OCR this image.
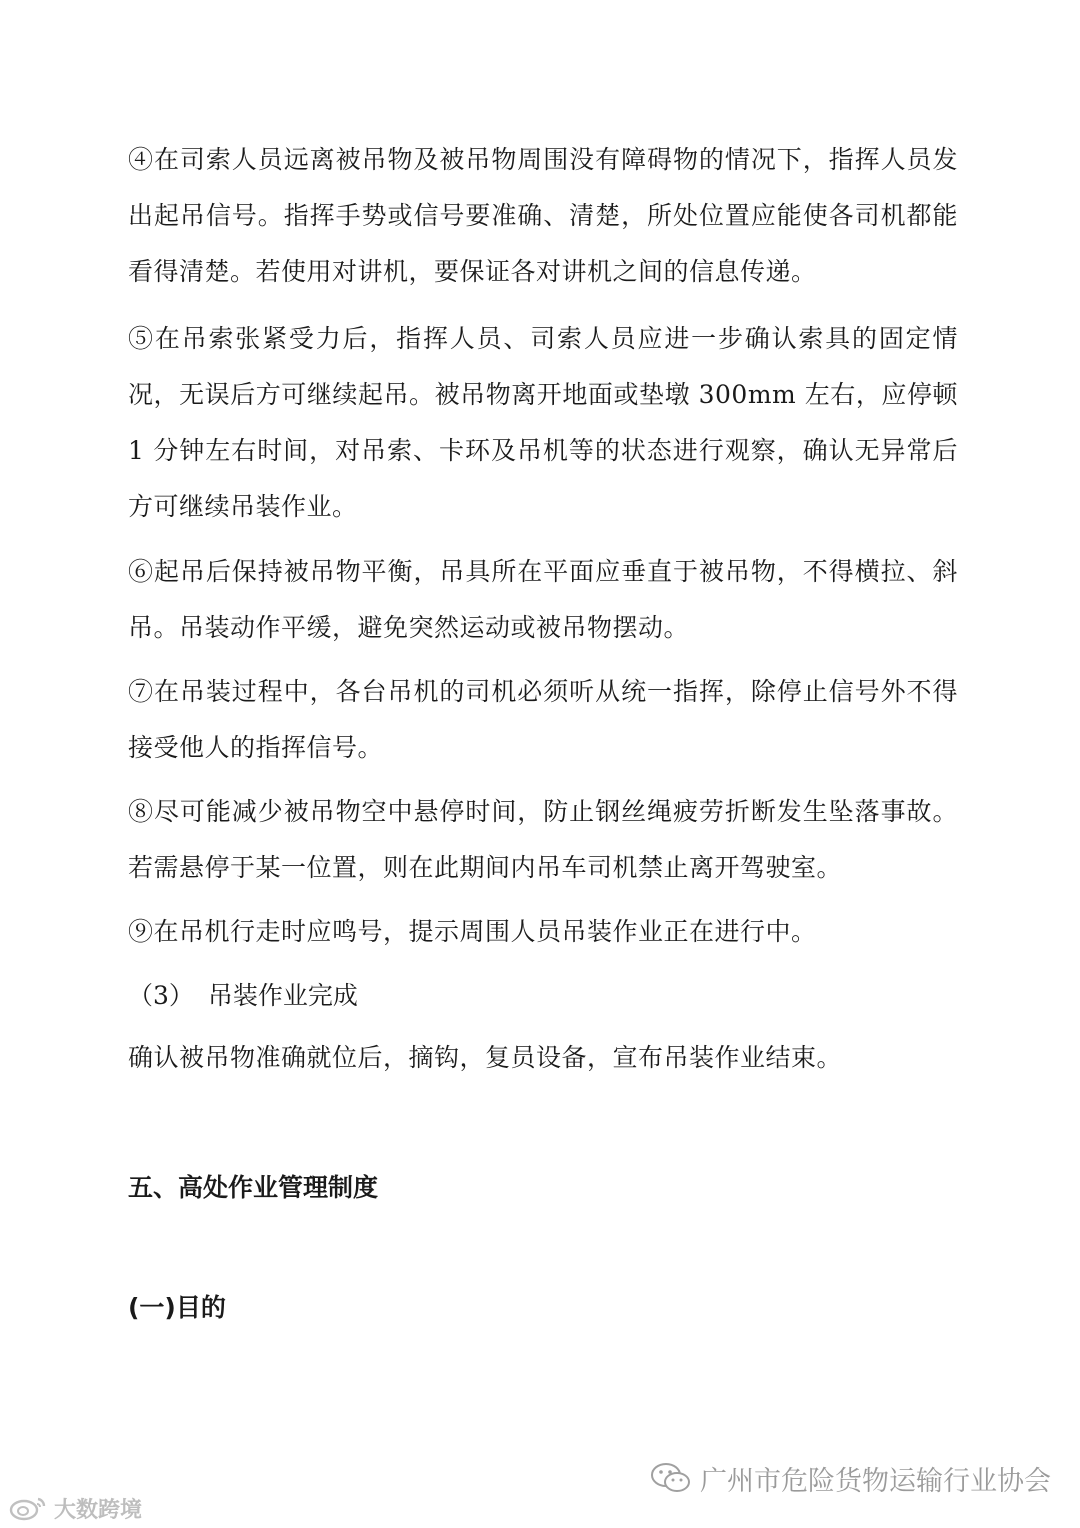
④在司索人员远离被吊物及被吊物周围没有障碍物的情况下，指挥人员发出起吊信号。指挥手势或信号要准确、清楚，所处位置应能使各司机都能看得清楚。若使用对讲机，要保证各对讲机之间的信息传递。

⑤在吊索张紧受力后，指挥人员、司索人员应进一步确认索具的固定情况，无误后方可继续起吊。被吊物离开地面或垫墩 300mm 左右，应停顿 1 分钟左右时间，对吊索、卡环及吊机等的状态进行观察，确认无异常后方可继续吊装作业。

⑥起吊后保持被吊物平衡，吊具所在平面应垂直于被吊物，不得横拉、斜吊。吊装动作平缓，避免突然运动或被吊物摆动。

⑦在吊装过程中，各台吊机的司机必须听从统一指挥，除停止信号外不得接受他人的指挥信号。

⑧尽可能减少被吊物空中悬停时间，防止钢丝绳疲劳折断发生坠落事故。若需悬停于某一位置，则在此期间内吊车司机禁止离开驾驶室。

⑨在吊机行走时应鸣号，提示周围人员吊装作业正在进行中。

（3） 吊装作业完成

确认被吊物准确就位后，摘钩，复员设备，宣布吊装作业结束。

五、高处作业管理制度

(一)目的

广州市危险货物运输行业协会
大数跨境
